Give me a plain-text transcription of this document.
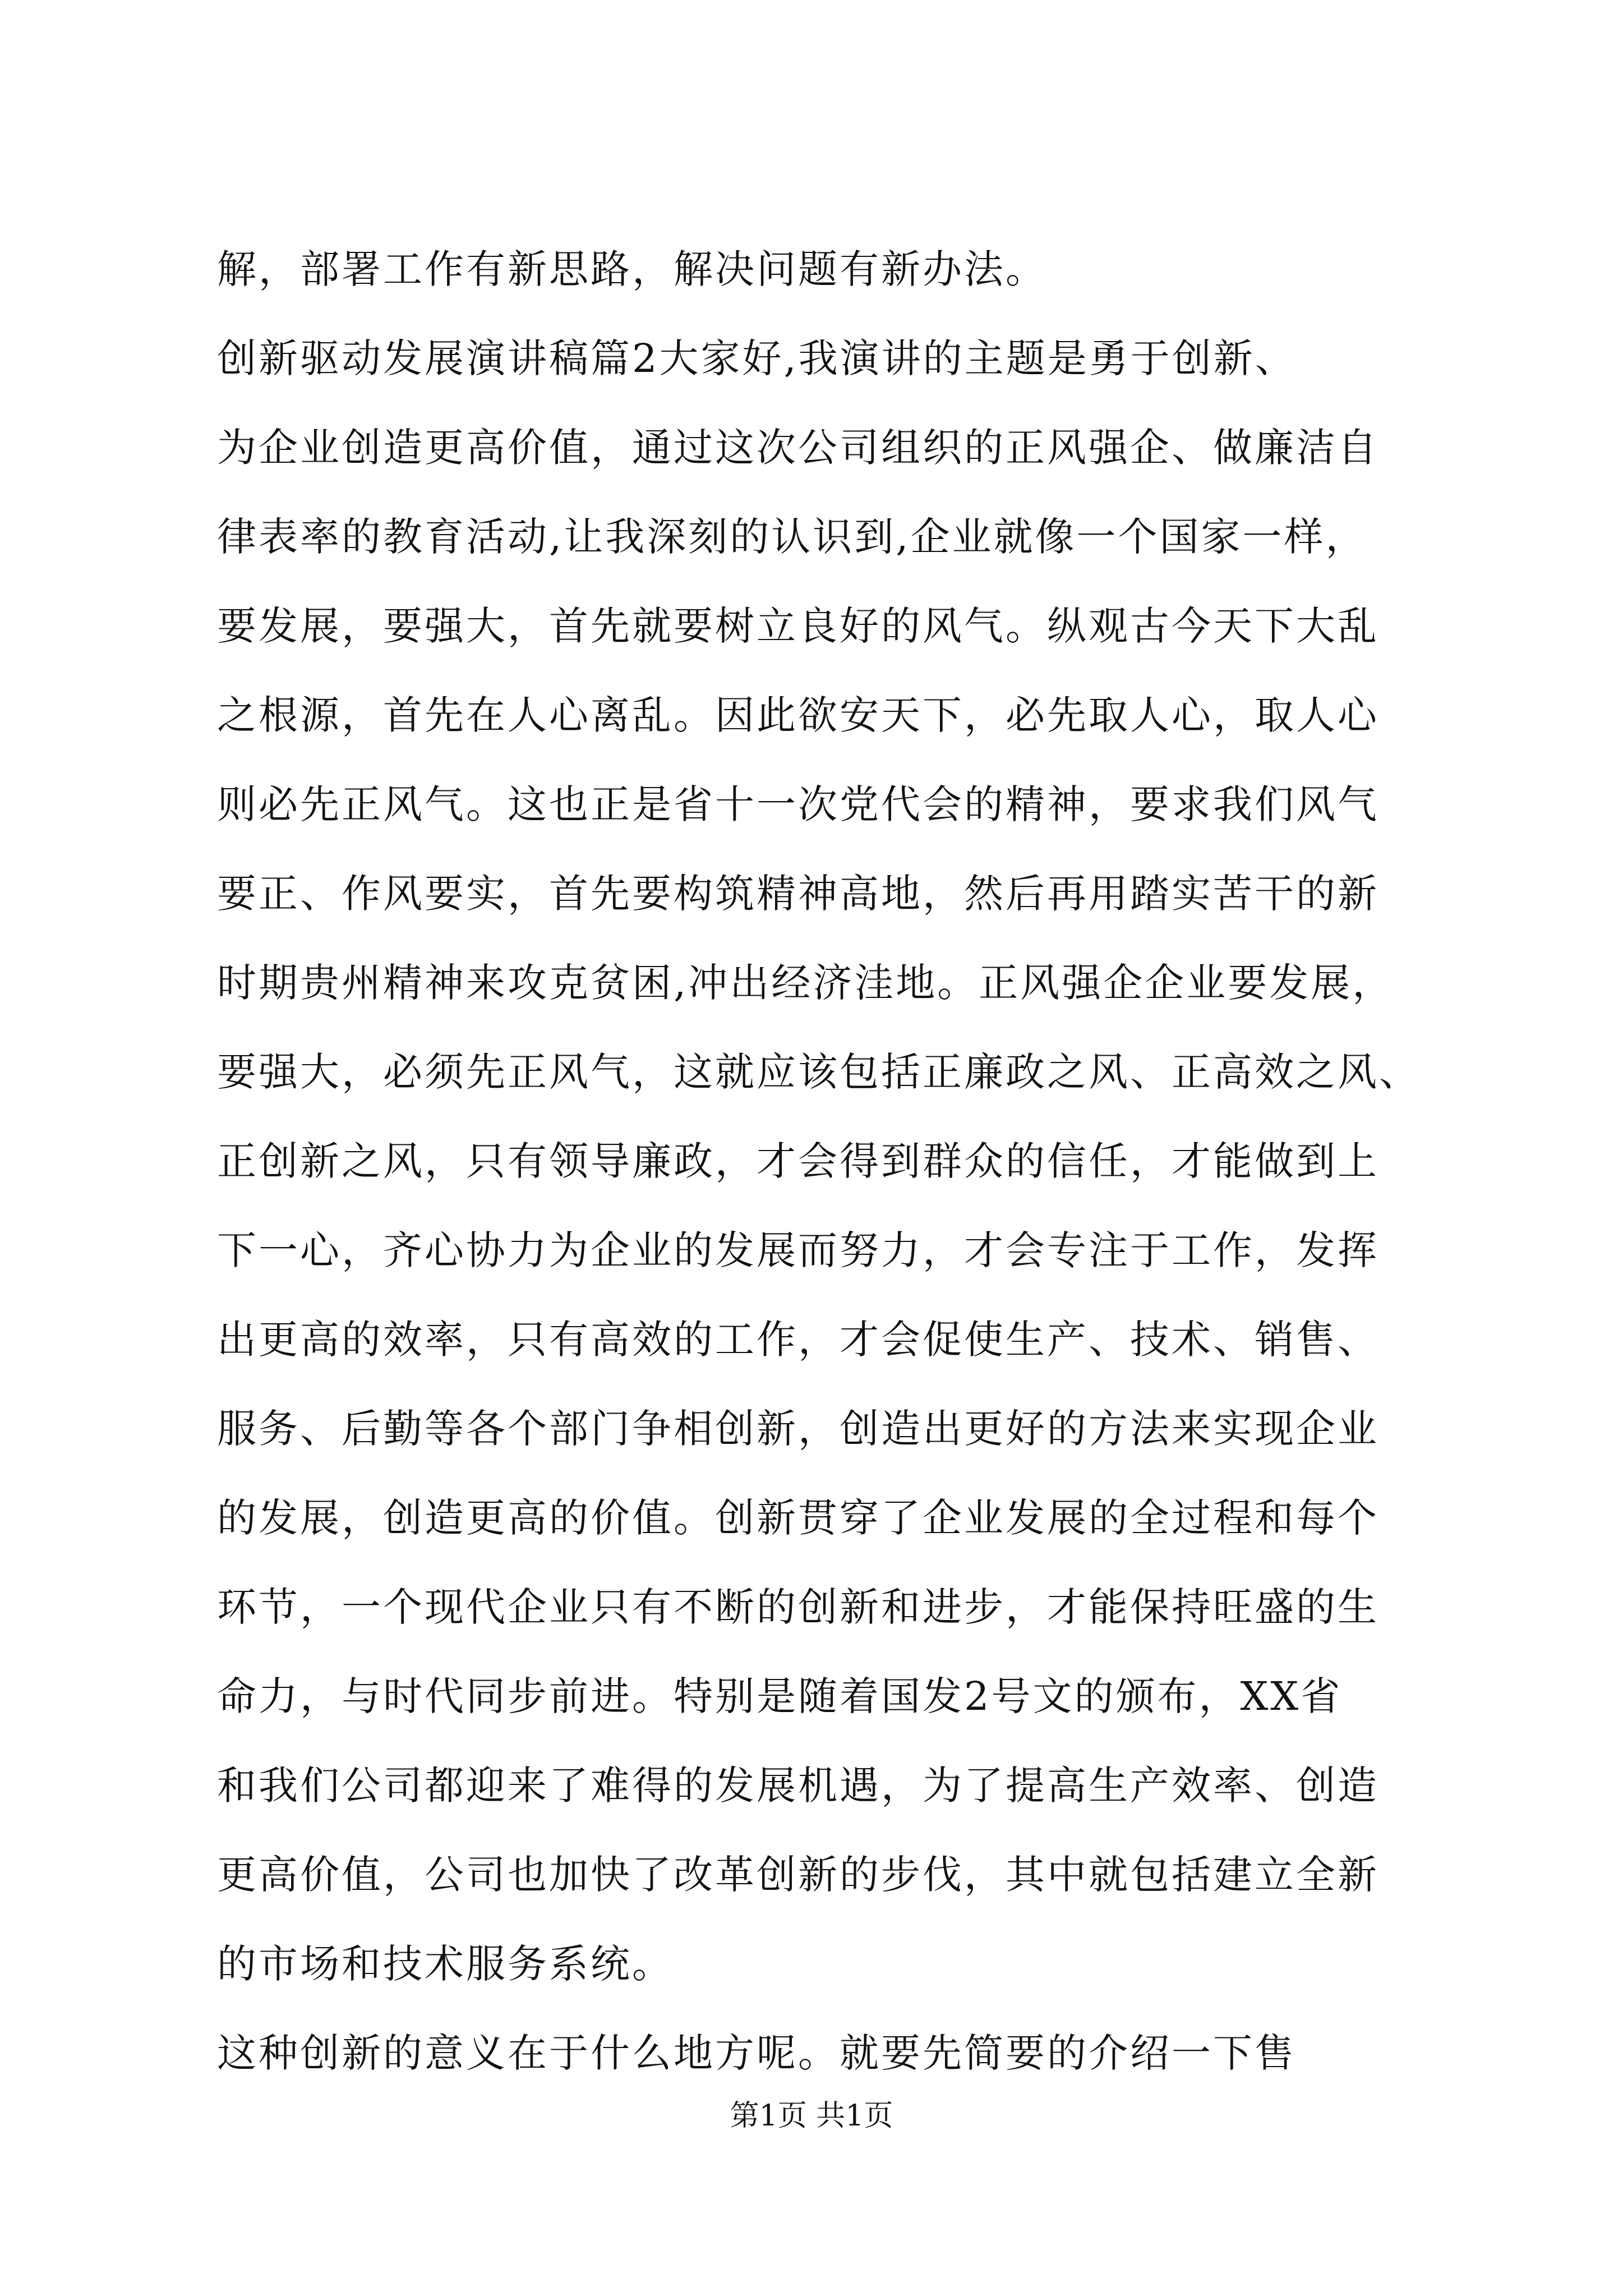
解，部署工作有新思路，解决问题有新办法。
创新驱动发展演讲稿篇2大家好,我演讲的主题是勇于创新、
为企业创造更高价值，通过这次公司组织的正风强企、做廉洁自
律表率的教育活动,让我深刻的认识到,企业就像一个国家一样，
要发展，要强大，首先就要树立良好的风气。纵观古今天下大乱
之根源，首先在人心离乱。因此欲安天下，必先取人心，取人心
则必先正风气。这也正是省十一次党代会的精神，要求我们风气
要正、作风要实，首先要构筑精神高地，然后再用踏实苦干的新
时期贵州精神来攻克贫困,冲出经济洼地。正风强企企业要发展，
要强大，必须先正风气，这就应该包括正廉政之风、正高效之风、
正创新之风，只有领导廉政，才会得到群众的信任，才能做到上
下一心，齐心协力为企业的发展而努力，才会专注于工作，发挥
出更高的效率，只有高效的工作，才会促使生产、技术、销售、
服务、后勤等各个部门争相创新，创造出更好的方法来实现企业
的发展，创造更高的价值。创新贯穿了企业发展的全过程和每个
环节，一个现代企业只有不断的创新和进步，才能保持旺盛的生
命力，与时代同步前进。特别是随着国发2号文的颁布，XX省
和我们公司都迎来了难得的发展机遇，为了提高生产效率、创造
更高价值，公司也加快了改革创新的步伐，其中就包括建立全新
的市场和技术服务系统。
这种创新的意义在于什么地方呢。就要先简要的介绍一下售
第1页 共1页
